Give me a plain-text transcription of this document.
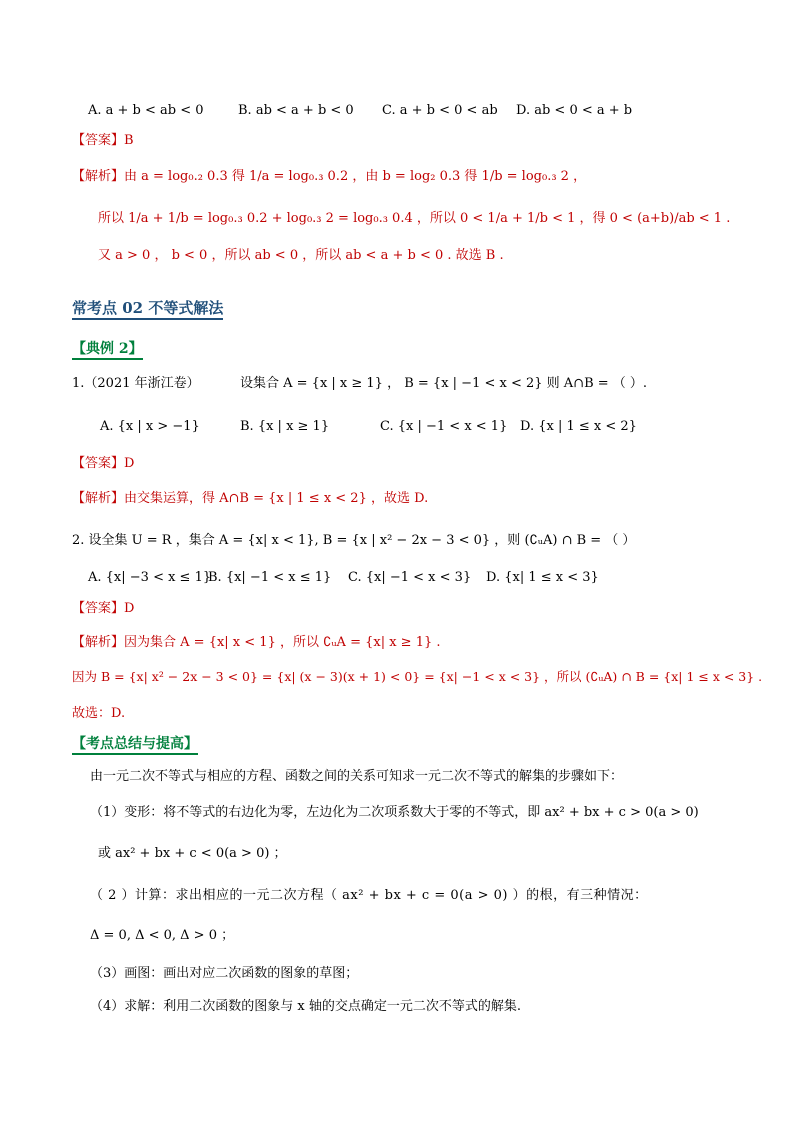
A. a + b < ab < 0	B. ab < a + b < 0 C. a + b < 0 < ab D. ab < 0 < a + b
【答案】B
【解析】由 a = log₀.₂ 0.3 得 1/a = log₀.₃ 0.2 ，由 b = log₂ 0.3 得 1/b = log₀.₃ 2 ，
所以 1/a + 1/b = log₀.₃ 0.2 + log₀.₃ 2 = log₀.₃ 0.4 ，所以 0 < 1/a + 1/b < 1 ，得 0 < (a+b)/ab < 1 .
又 a > 0 ， b < 0 ，所以 ab < 0 ，所以 ab < a + b < 0 . 故选 B .
常考点 02 不等式解法
【典例 2】
1.（2021 年浙江卷）	设集合 A = {x | x ≥ 1} ， B = {x | −1 < x < 2} 则 A∩B = （ ）.
A. {x | x > −1}	B. {x | x ≥ 1}	C. {x | −1 < x < 1} D. {x | 1 ≤ x < 2}
【答案】D
【解析】由交集运算，得 A∩B = {x | 1 ≤ x < 2} ，故选 D.
2. 设全集 U = R ，集合 A = {x| x < 1}, B = {x | x² − 2x − 3 < 0} ，则 (∁ᵤA) ∩ B = （ ）
A. {x| −3 < x ≤ 1}
B. {x| −1 < x ≤ 1} C. {x| −1 < x < 3} D. {x| 1 ≤ x < 3}
【答案】D
【解析】因为集合 A = {x| x < 1} ，所以 ∁ᵤA = {x| x ≥ 1} .
因为 B = {x| x² − 2x − 3 < 0} = {x| (x − 3)(x + 1) < 0} = {x| −1 < x < 3} ，所以 (∁ᵤA) ∩ B = {x| 1 ≤ x < 3} .
故选：D.
【考点总结与提高】
由一元二次不等式与相应的方程、函数之间的关系可知求一元二次不等式的解集的步骤如下：
（1）变形：将不等式的右边化为零，左边化为二次项系数大于零的不等式，即 ax² + bx + c > 0(a > 0)
或 ax² + bx + c < 0(a > 0) ；
（ 2 ）计算：求出相应的一元二次方程（ ax² + bx + c = 0(a > 0) ）的根，有三种情况：
Δ = 0, Δ < 0, Δ > 0 ；
（3）画图：画出对应二次函数的图象的草图；
（4）求解：利用二次函数的图象与 x 轴的交点确定一元二次不等式的解集.
